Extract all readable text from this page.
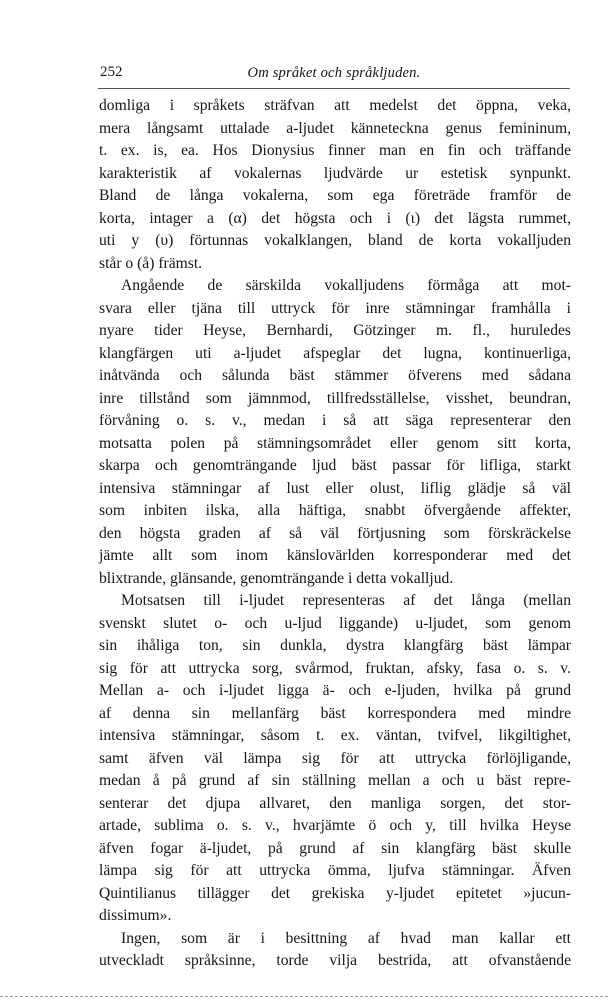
252	Om språket och språkljuden.
domliga i språkets sträfvan att medelst det öppna, veka,
mera långsamt uttalade a-ljudet känneteckna genus femininum,
t. ex. is, ea. Hos Dionysius finner man en fin och träffande
karakteristik af vokalernas ljudvärde ur estetisk synpunkt.
Bland de långa vokalerna, som ega företräde framför de
korta, intager a (α) det högsta och i (ι) det lägsta rummet,
uti y (υ) förtunnas vokalklangen, bland de korta vokalljuden
står ο (å) främst.
Angående de särskilda vokalljudens förmåga att mot-
svara eller tjäna till uttryck för inre stämningar framhålla i
nyare tider Heyse, Bernhardi, Götzinger m. fl., huruledes
klangfärgen uti a-ljudet afspeglar det lugna, kontinuerliga,
inåtvända och sålunda bäst stämmer öfverens med sådana
inre tillstånd som jämnmod, tillfredsställelse, visshet, beundran,
förvåning o. s. v., medan i så att säga representerar den
motsatta polen på stämningsområdet eller genom sitt korta,
skarpa och genomträngande ljud bäst passar för lifliga, starkt
intensiva stämningar af lust eller olust, liflig glädje så väl
som inbiten ilska, alla häftiga, snabbt öfvergående affekter,
den högsta graden af så väl förtjusning som förskräckelse
jämte allt som inom känslovärlden korresponderar med det
blixtrande, glänsande, genomträngande i detta vokalljud.
Motsatsen till i-ljudet representeras af det långa (mellan
svenskt slutet o- och u-ljud liggande) u-ljudet, som genom
sin ihåliga ton, sin dunkla, dystra klangfärg bäst lämpar
sig för att uttrycka sorg, svårmod, fruktan, afsky, fasa o. s. v.
Mellan a- och i-ljudet ligga ä- och e-ljuden, hvilka på grund
af denna sin mellanfärg bäst korrespondera med mindre
intensiva stämningar, såsom t. ex. väntan, tvifvel, likgiltighet,
samt äfven väl lämpa sig för att uttrycka förlöjligande,
medan å på grund af sin ställning mellan a och u bäst repre-
senterar det djupa allvaret, den manliga sorgen, det stor-
artade, sublima o. s. v., hvarjämte ö och y, till hvilka Heyse
äfven fogar ä-ljudet, på grund af sin klangfärg bäst skulle
lämpa sig för att uttrycka ömma, ljufva stämningar. Äfven
Quintilianus tillägger det grekiska y-ljudet epitetet »jucun-
dissimum».
Ingen, som är i besittning af hvad man kallar ett
utveckladt språksinne, torde vilja bestrida, att ofvanstående
